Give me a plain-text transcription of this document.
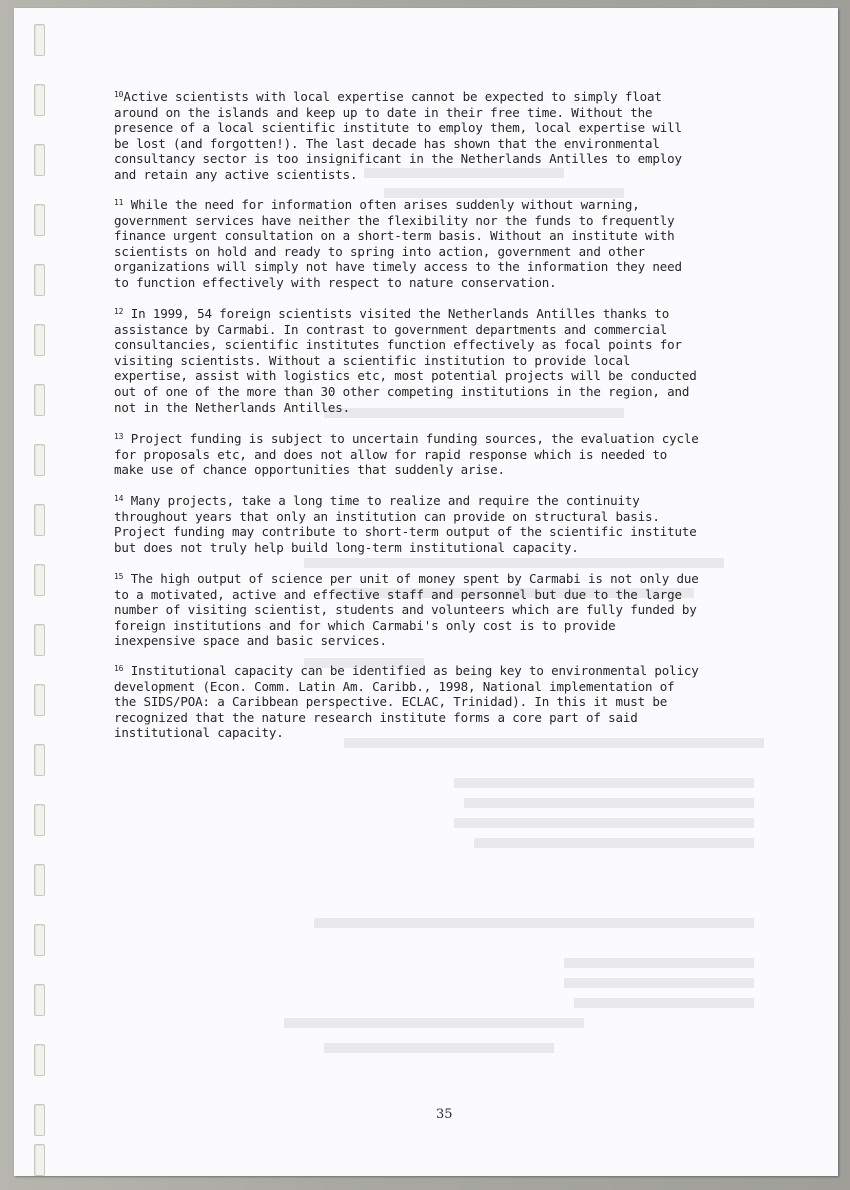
$^{10}$Active scientists with local expertise cannot be expected to simply float
around on the islands and keep up to date in their free time. Without the
presence of a local scientific institute to employ them, local expertise will
be lost (and forgotten!). The last decade has shown that the environmental
consultancy sector is too insignificant in the Netherlands Antilles to employ
and retain any active scientists.
$^{11}$ While the need for information often arises suddenly without warning,
government services have neither the flexibility nor the funds to frequently
finance urgent consultation on a short-term basis. Without an institute with
scientists on hold and ready to spring into action, government and other
organizations will simply not have timely access to the information they need
to function effectively with respect to nature conservation.
$^{12}$ In 1999, 54 foreign scientists visited the Netherlands Antilles thanks to
assistance by Carmabi. In contrast to government departments and commercial
consultancies, scientific institutes function effectively as focal points for
visiting scientists. Without a scientific institution to provide local
expertise, assist with logistics etc, most potential projects will be conducted
out of one of the more than 30 other competing institutions in the region, and
not in the Netherlands Antilles.
$^{13}$ Project funding is subject to uncertain funding sources, the evaluation cycle
for proposals etc, and does not allow for rapid response which is needed to
make use of chance opportunities that suddenly arise.
$^{14}$ Many projects, take a long time to realize and require the continuity
throughout years that only an institution can provide on structural basis.
Project funding may contribute to short-term output of the scientific institute
but does not truly help build long-term institutional capacity.
$^{15}$ The high output of science per unit of money spent by Carmabi is not only due
to a motivated, active and effective staff and personnel but due to the large
number of visiting scientist, students and volunteers which are fully funded by
foreign institutions and for which Carmabi's only cost is to provide
inexpensive space and basic services.
$^{16}$ Institutional capacity can be identified as being key to environmental policy
development (Econ. Comm. Latin Am. Caribb., 1998, National implementation of
the SIDS/POA: a Caribbean perspective. ECLAC, Trinidad). In this it must be
recognized that the nature research institute forms a core part of said
institutional capacity.
35
